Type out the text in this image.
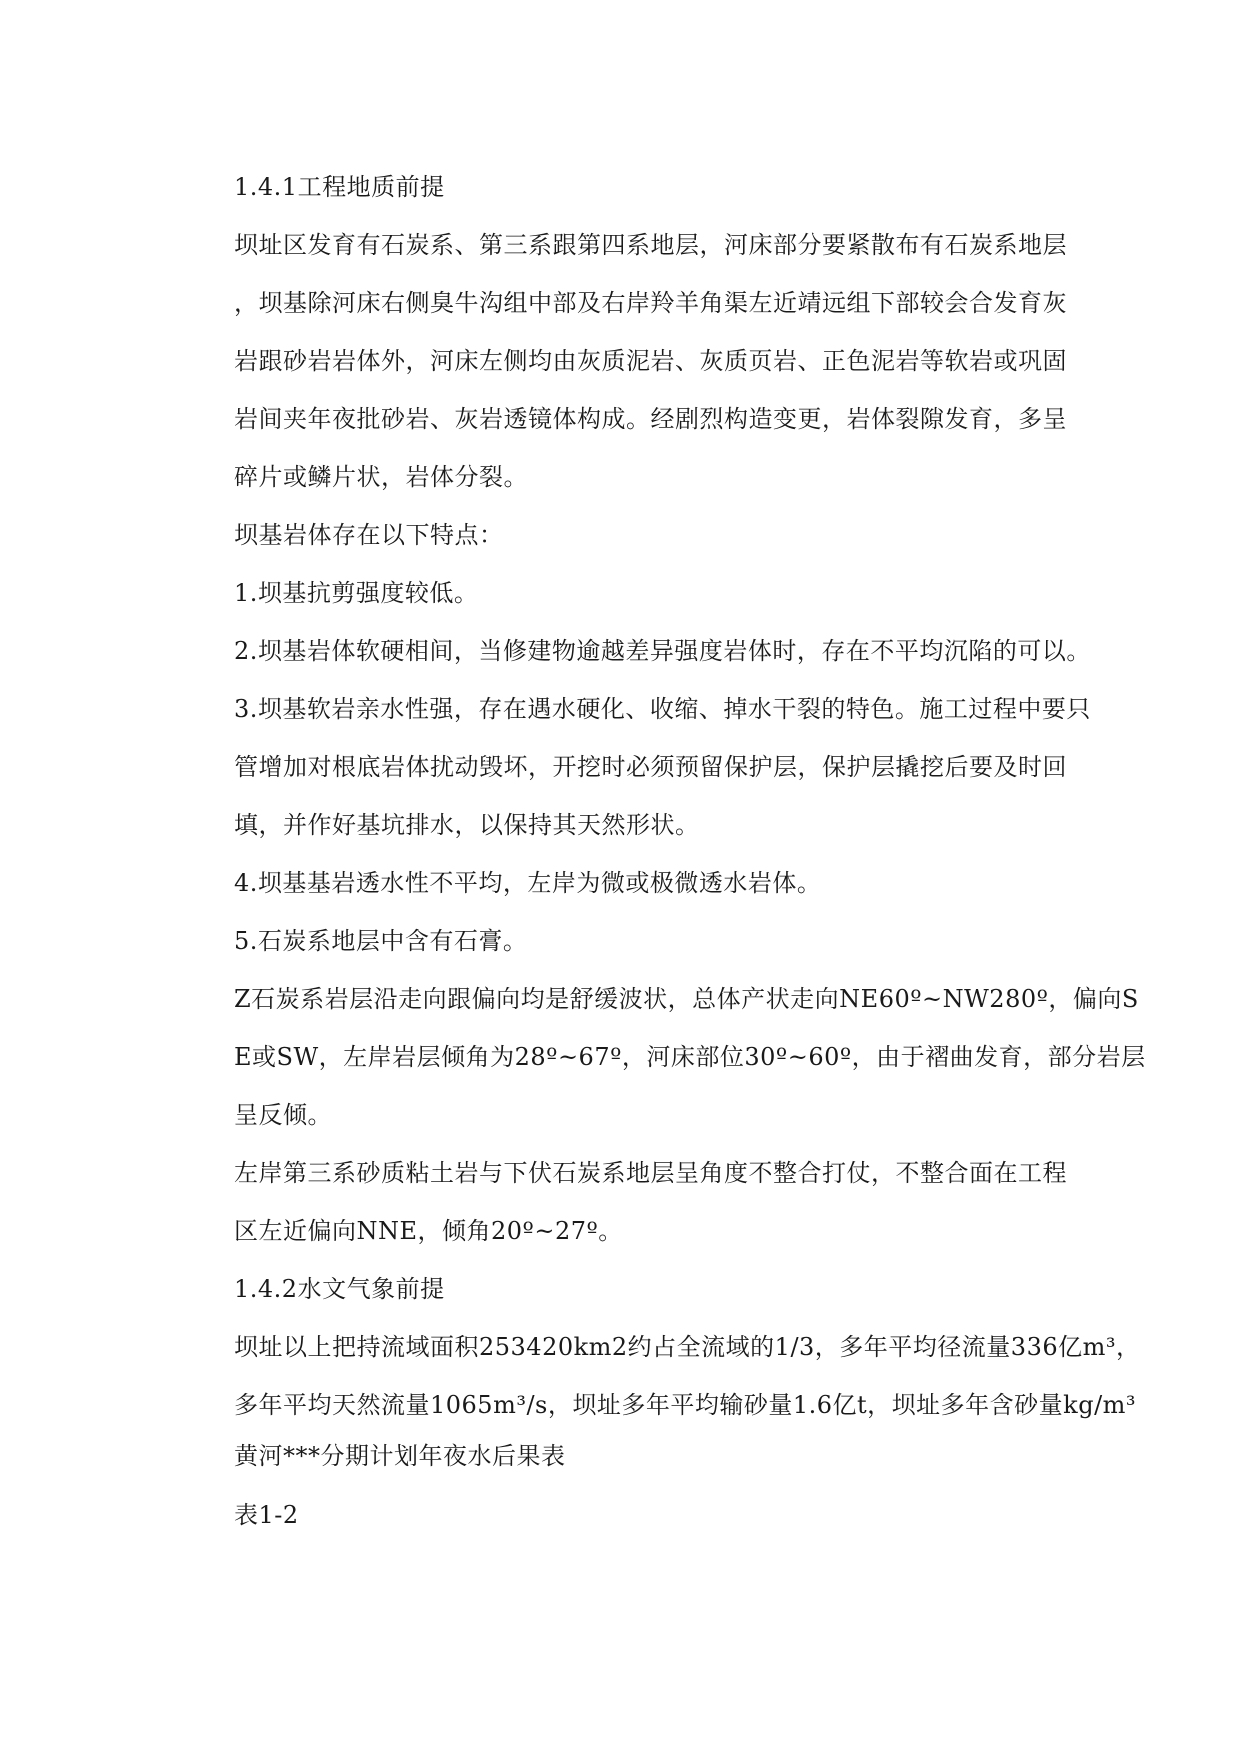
1.4.1工程地质前提
坝址区发育有石炭系、第三系跟第四系地层，河床部分要紧散布有石炭系地层
，坝基除河床右侧臭牛沟组中部及右岸羚羊角渠左近靖远组下部较会合发育灰
岩跟砂岩岩体外，河床左侧均由灰质泥岩、灰质页岩、正色泥岩等软岩或巩固
岩间夹年夜批砂岩、灰岩透镜体构成。经剧烈构造变更，岩体裂隙发育，多呈
碎片或鳞片状，岩体分裂。
坝基岩体存在以下特点：
1.坝基抗剪强度较低。
2.坝基岩体软硬相间，当修建物逾越差异强度岩体时，存在不平均沉陷的可以。
3.坝基软岩亲水性强，存在遇水硬化、收缩、掉水干裂的特色。施工过程中要只
管增加对根底岩体扰动毁坏，开挖时必须预留保护层，保护层撬挖后要及时回
填，并作好基坑排水，以保持其天然形状。
4.坝基基岩透水性不平均，左岸为微或极微透水岩体。
5.石炭系地层中含有石膏。
Z石炭系岩层沿走向跟偏向均是舒缓波状，总体产状走向NE60º~NW280º，偏向S
E或SW，左岸岩层倾角为28º~67º，河床部位30º~60º，由于褶曲发育，部分岩层
呈反倾。
左岸第三系砂质粘土岩与下伏石炭系地层呈角度不整合打仗，不整合面在工程
区左近偏向NNE，倾角20º~27º。
1.4.2水文气象前提
坝址以上把持流域面积253420km2约占全流域的1/3，多年平均径流量336亿m³，
多年平均天然流量1065m³/s，坝址多年平均输砂量1.6亿t，坝址多年含砂量kg/m³
黄河***分期计划年夜水后果表
表1-2
